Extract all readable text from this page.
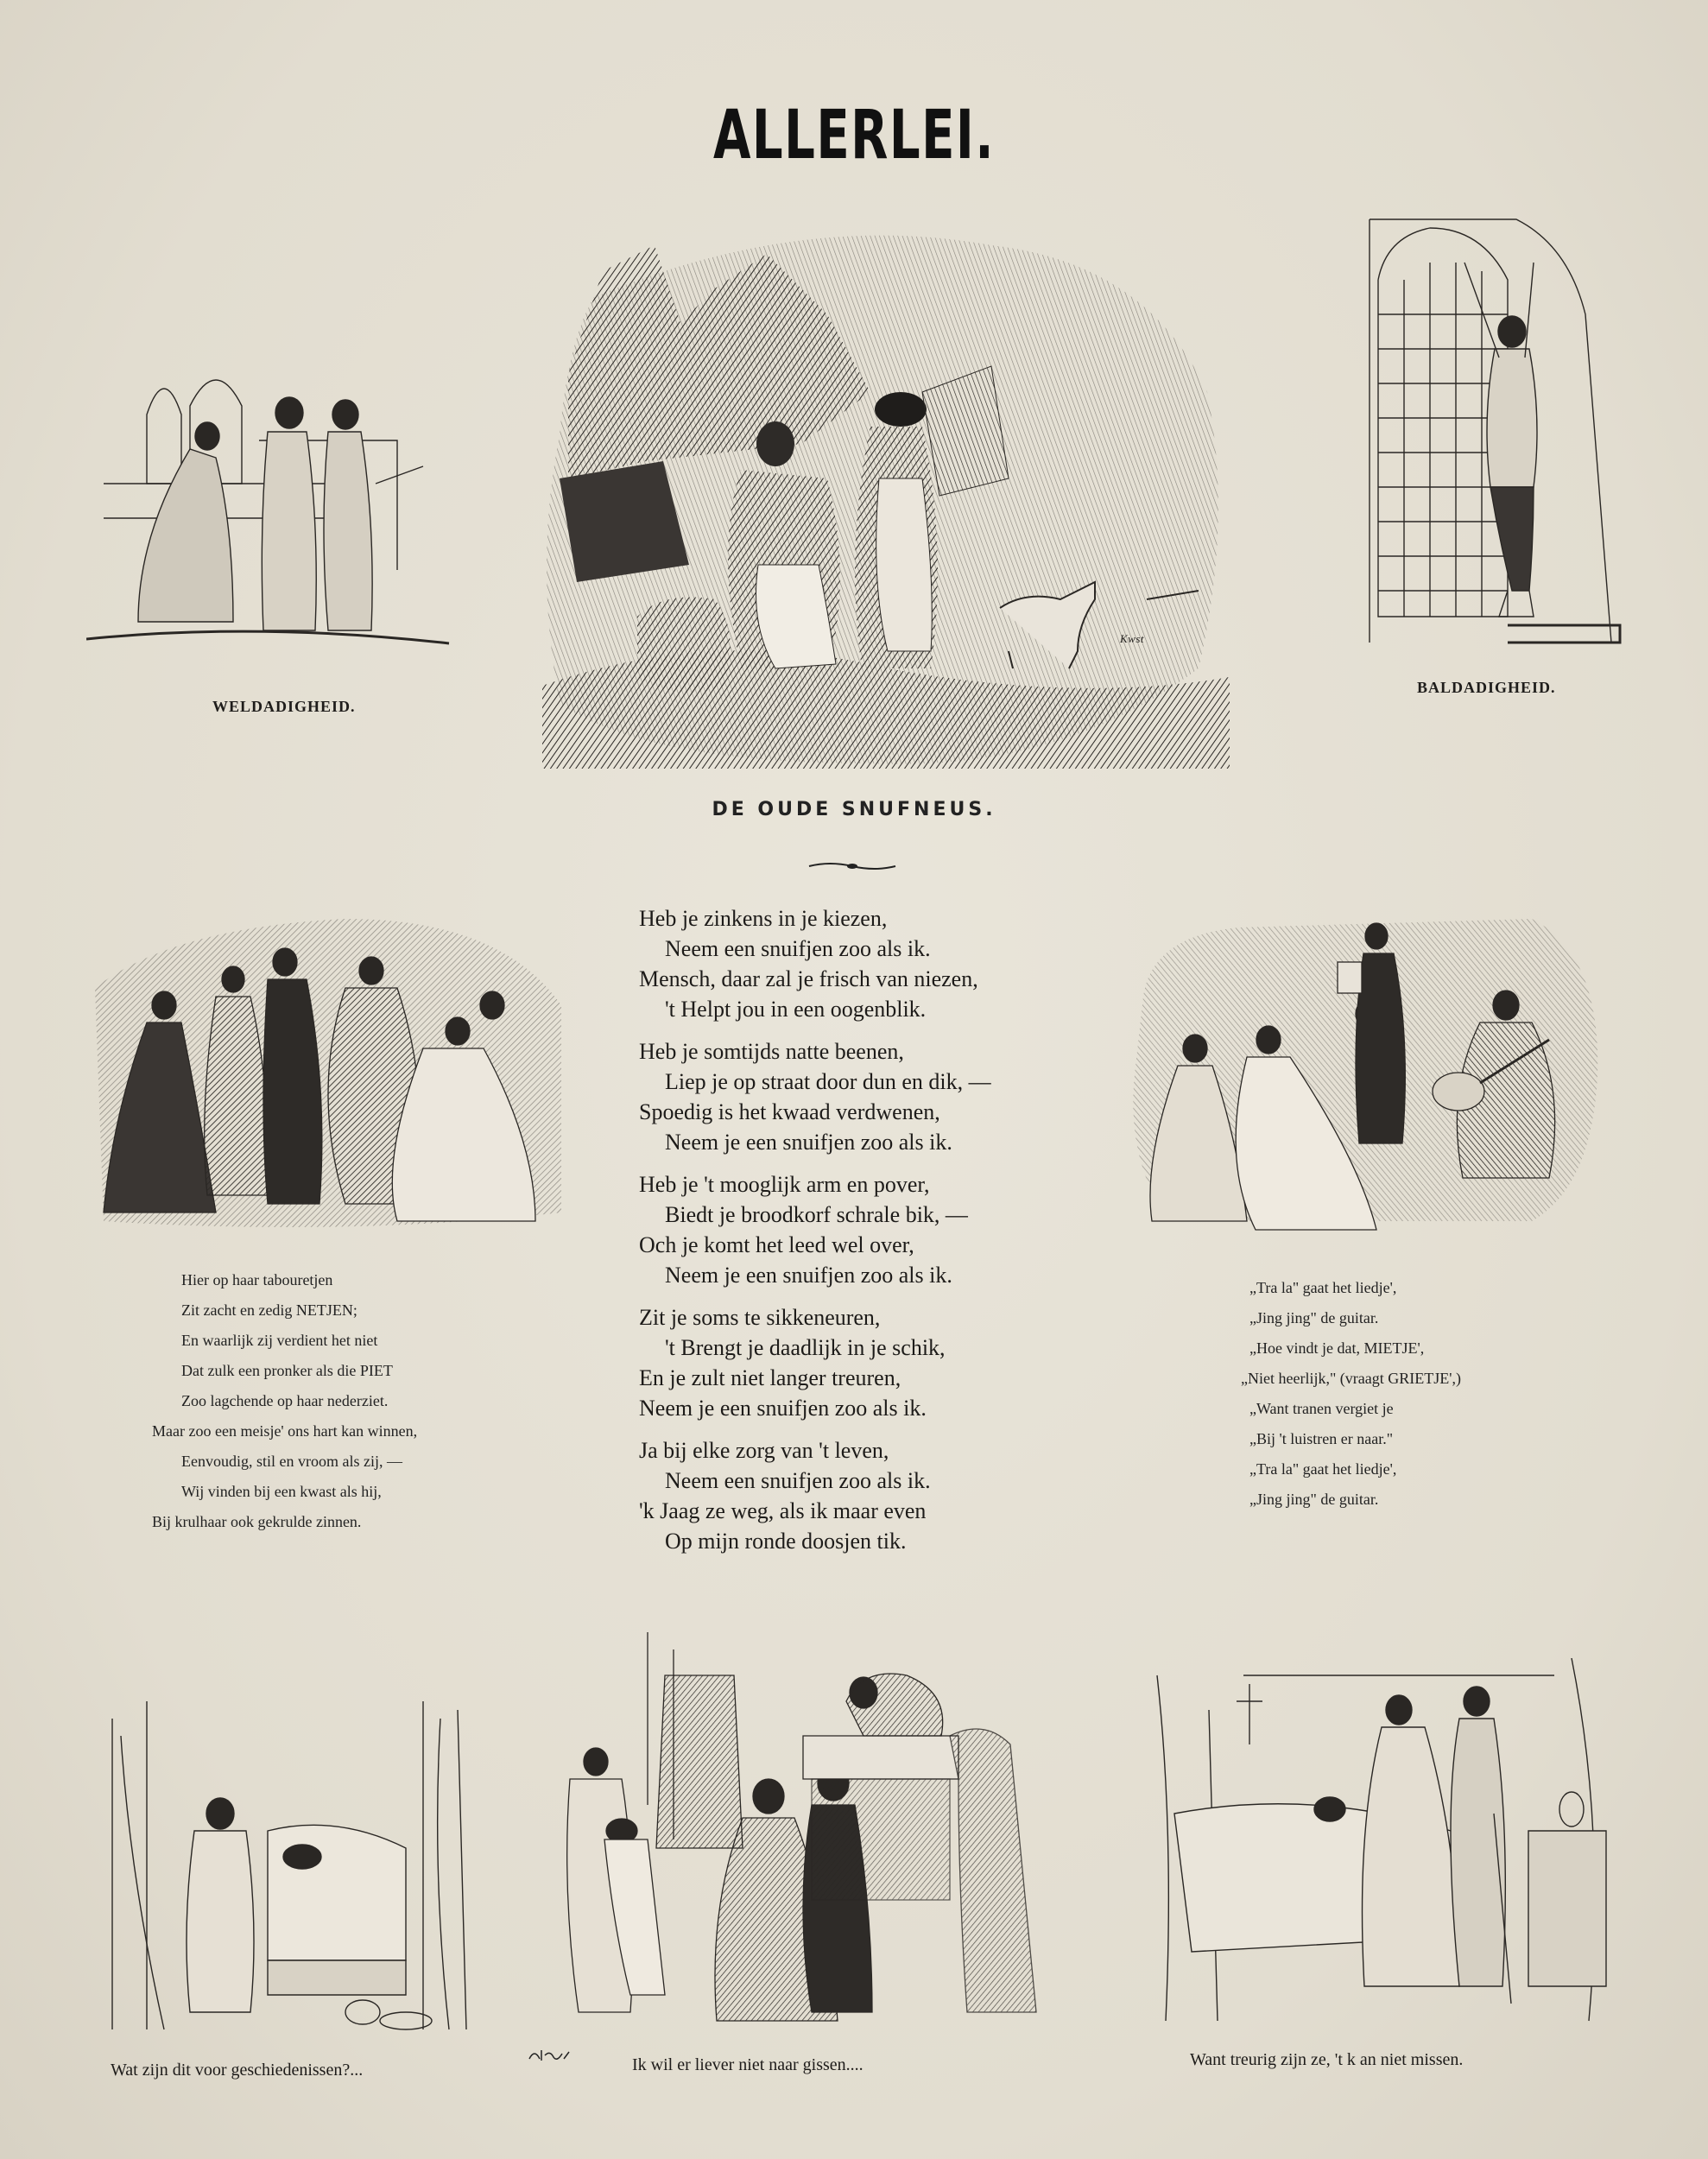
ALLERLEI.
WELDADIGHEID.
Kwst
BALDADIGHEID.
DE OUDE SNUFNEUS.
Heb je zinkens in je kiezen,
Neem een snuifjen zoo als ik.
Mensch, daar zal je frisch van niezen,
't Helpt jou in een oogenblik.
Heb je somtijds natte beenen,
Liep je op straat door dun en dik, —
Spoedig is het kwaad verdwenen,
Neem je een snuifjen zoo als ik.
Heb je 't mooglijk arm en pover,
Biedt je broodkorf schrale bik, —
Och je komt het leed wel over,
Neem je een snuifjen zoo als ik.
Zit je soms te sikkeneuren,
't Brengt je daadlijk in je schik,
En je zult niet langer treuren,
Neem je een snuifjen zoo als ik.
Ja bij elke zorg van 't leven,
Neem een snuifjen zoo als ik.
'k Jaag ze weg, als ik maar even
Op mijn ronde doosjen tik.
Hier op haar tabouretjen
Zit zacht en zedig NETJEN;
En waarlijk zij verdient het niet
Dat zulk een pronker als die PIET
Zoo lagchende op haar nederziet.
Maar zoo een meisje' ons hart kan winnen,
Eenvoudig, stil en vroom als zij, —
Wij vinden bij een kwast als hij,
Bij krulhaar ook gekrulde zinnen.
„Tra la" gaat het liedje',
„Jing jing" de guitar.
„Hoe vindt je dat, MIETJE',
„Niet heerlijk," (vraagt GRIETJE',)
„Want tranen vergiet je
„Bij 't luistren er naar."
„Tra la" gaat het liedje',
„Jing jing" de guitar.
Wat zijn dit voor geschiedenissen?...	Ik wil er liever niet naar gissen....	Want treurig zijn ze, 't k an niet missen.
